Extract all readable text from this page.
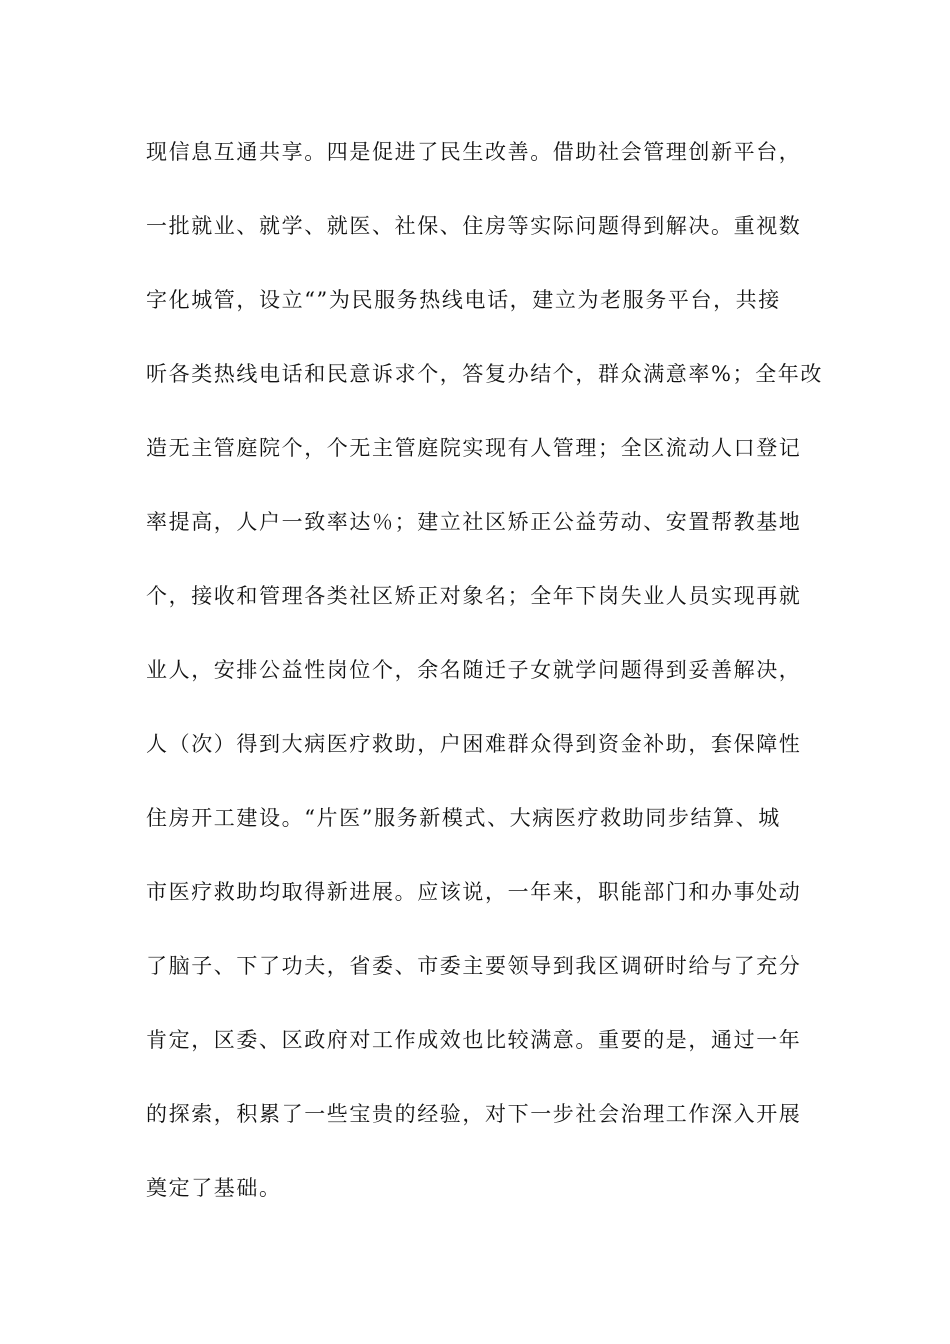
现信息互通共享。四是促进了民生改善。借助社会管理创新平台，
一批就业、就学、就医、社保、住房等实际问题得到解决。重视数
字化城管，设立“”为民服务热线电话，建立为老服务平台，共接
听各类热线电话和民意诉求个，答复办结个，群众满意率%；全年改
造无主管庭院个，个无主管庭院实现有人管理；全区流动人口登记
率提高，人户一致率达％；建立社区矫正公益劳动、安置帮教基地
个，接收和管理各类社区矫正对象名；全年下岗失业人员实现再就
业人，安排公益性岗位个，余名随迁子女就学问题得到妥善解决，
人（次）得到大病医疗救助，户困难群众得到资金补助，套保障性
住房开工建设。“片医”服务新模式、大病医疗救助同步结算、城
市医疗救助均取得新进展。应该说，一年来，职能部门和办事处动
了脑子、下了功夫，省委、市委主要领导到我区调研时给与了充分
肯定，区委、区政府对工作成效也比较满意。重要的是，通过一年
的探索，积累了一些宝贵的经验，对下一步社会治理工作深入开展
奠定了基础。
